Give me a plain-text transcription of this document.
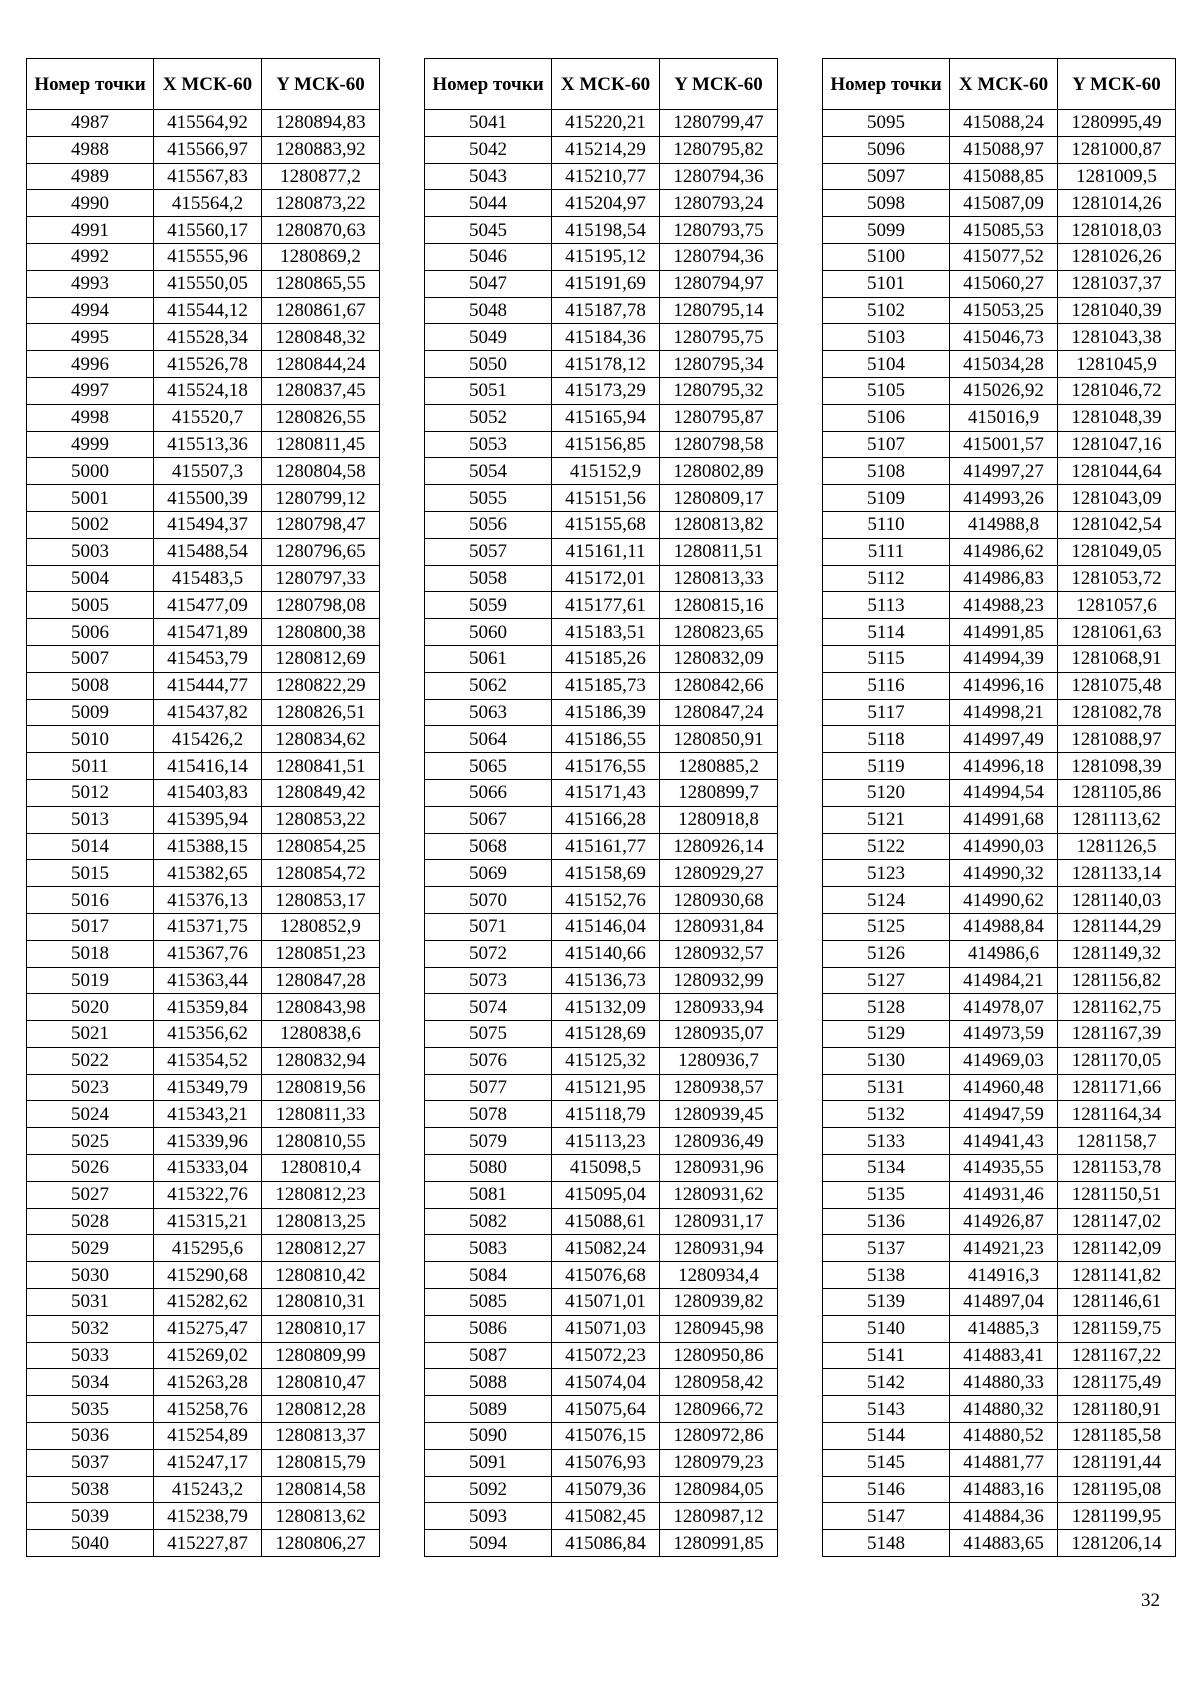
Номер точки	X МСК-60	Y МСК-60
4987	415564,92	1280894,83
4988	415566,97	1280883,92
4989	415567,83	1280877,2
4990	415564,2	1280873,22
4991	415560,17	1280870,63
4992	415555,96	1280869,2
4993	415550,05	1280865,55
4994	415544,12	1280861,67
4995	415528,34	1280848,32
4996	415526,78	1280844,24
4997	415524,18	1280837,45
4998	415520,7	1280826,55
4999	415513,36	1280811,45
5000	415507,3	1280804,58
5001	415500,39	1280799,12
5002	415494,37	1280798,47
5003	415488,54	1280796,65
5004	415483,5	1280797,33
5005	415477,09	1280798,08
5006	415471,89	1280800,38
5007	415453,79	1280812,69
5008	415444,77	1280822,29
5009	415437,82	1280826,51
5010	415426,2	1280834,62
5011	415416,14	1280841,51
5012	415403,83	1280849,42
5013	415395,94	1280853,22
5014	415388,15	1280854,25
5015	415382,65	1280854,72
5016	415376,13	1280853,17
5017	415371,75	1280852,9
5018	415367,76	1280851,23
5019	415363,44	1280847,28
5020	415359,84	1280843,98
5021	415356,62	1280838,6
5022	415354,52	1280832,94
5023	415349,79	1280819,56
5024	415343,21	1280811,33
5025	415339,96	1280810,55
5026	415333,04	1280810,4
5027	415322,76	1280812,23
5028	415315,21	1280813,25
5029	415295,6	1280812,27
5030	415290,68	1280810,42
5031	415282,62	1280810,31
5032	415275,47	1280810,17
5033	415269,02	1280809,99
5034	415263,28	1280810,47
5035	415258,76	1280812,28
5036	415254,89	1280813,37
5037	415247,17	1280815,79
5038	415243,2	1280814,58
5039	415238,79	1280813,62
5040	415227,87	1280806,27
Номер точки	X МСК-60	Y МСК-60
5041	415220,21	1280799,47
5042	415214,29	1280795,82
5043	415210,77	1280794,36
5044	415204,97	1280793,24
5045	415198,54	1280793,75
5046	415195,12	1280794,36
5047	415191,69	1280794,97
5048	415187,78	1280795,14
5049	415184,36	1280795,75
5050	415178,12	1280795,34
5051	415173,29	1280795,32
5052	415165,94	1280795,87
5053	415156,85	1280798,58
5054	415152,9	1280802,89
5055	415151,56	1280809,17
5056	415155,68	1280813,82
5057	415161,11	1280811,51
5058	415172,01	1280813,33
5059	415177,61	1280815,16
5060	415183,51	1280823,65
5061	415185,26	1280832,09
5062	415185,73	1280842,66
5063	415186,39	1280847,24
5064	415186,55	1280850,91
5065	415176,55	1280885,2
5066	415171,43	1280899,7
5067	415166,28	1280918,8
5068	415161,77	1280926,14
5069	415158,69	1280929,27
5070	415152,76	1280930,68
5071	415146,04	1280931,84
5072	415140,66	1280932,57
5073	415136,73	1280932,99
5074	415132,09	1280933,94
5075	415128,69	1280935,07
5076	415125,32	1280936,7
5077	415121,95	1280938,57
5078	415118,79	1280939,45
5079	415113,23	1280936,49
5080	415098,5	1280931,96
5081	415095,04	1280931,62
5082	415088,61	1280931,17
5083	415082,24	1280931,94
5084	415076,68	1280934,4
5085	415071,01	1280939,82
5086	415071,03	1280945,98
5087	415072,23	1280950,86
5088	415074,04	1280958,42
5089	415075,64	1280966,72
5090	415076,15	1280972,86
5091	415076,93	1280979,23
5092	415079,36	1280984,05
5093	415082,45	1280987,12
5094	415086,84	1280991,85
Номер точки	X МСК-60	Y МСК-60
5095	415088,24	1280995,49
5096	415088,97	1281000,87
5097	415088,85	1281009,5
5098	415087,09	1281014,26
5099	415085,53	1281018,03
5100	415077,52	1281026,26
5101	415060,27	1281037,37
5102	415053,25	1281040,39
5103	415046,73	1281043,38
5104	415034,28	1281045,9
5105	415026,92	1281046,72
5106	415016,9	1281048,39
5107	415001,57	1281047,16
5108	414997,27	1281044,64
5109	414993,26	1281043,09
5110	414988,8	1281042,54
5111	414986,62	1281049,05
5112	414986,83	1281053,72
5113	414988,23	1281057,6
5114	414991,85	1281061,63
5115	414994,39	1281068,91
5116	414996,16	1281075,48
5117	414998,21	1281082,78
5118	414997,49	1281088,97
5119	414996,18	1281098,39
5120	414994,54	1281105,86
5121	414991,68	1281113,62
5122	414990,03	1281126,5
5123	414990,32	1281133,14
5124	414990,62	1281140,03
5125	414988,84	1281144,29
5126	414986,6	1281149,32
5127	414984,21	1281156,82
5128	414978,07	1281162,75
5129	414973,59	1281167,39
5130	414969,03	1281170,05
5131	414960,48	1281171,66
5132	414947,59	1281164,34
5133	414941,43	1281158,7
5134	414935,55	1281153,78
5135	414931,46	1281150,51
5136	414926,87	1281147,02
5137	414921,23	1281142,09
5138	414916,3	1281141,82
5139	414897,04	1281146,61
5140	414885,3	1281159,75
5141	414883,41	1281167,22
5142	414880,33	1281175,49
5143	414880,32	1281180,91
5144	414880,52	1281185,58
5145	414881,77	1281191,44
5146	414883,16	1281195,08
5147	414884,36	1281199,95
5148	414883,65	1281206,14
32
